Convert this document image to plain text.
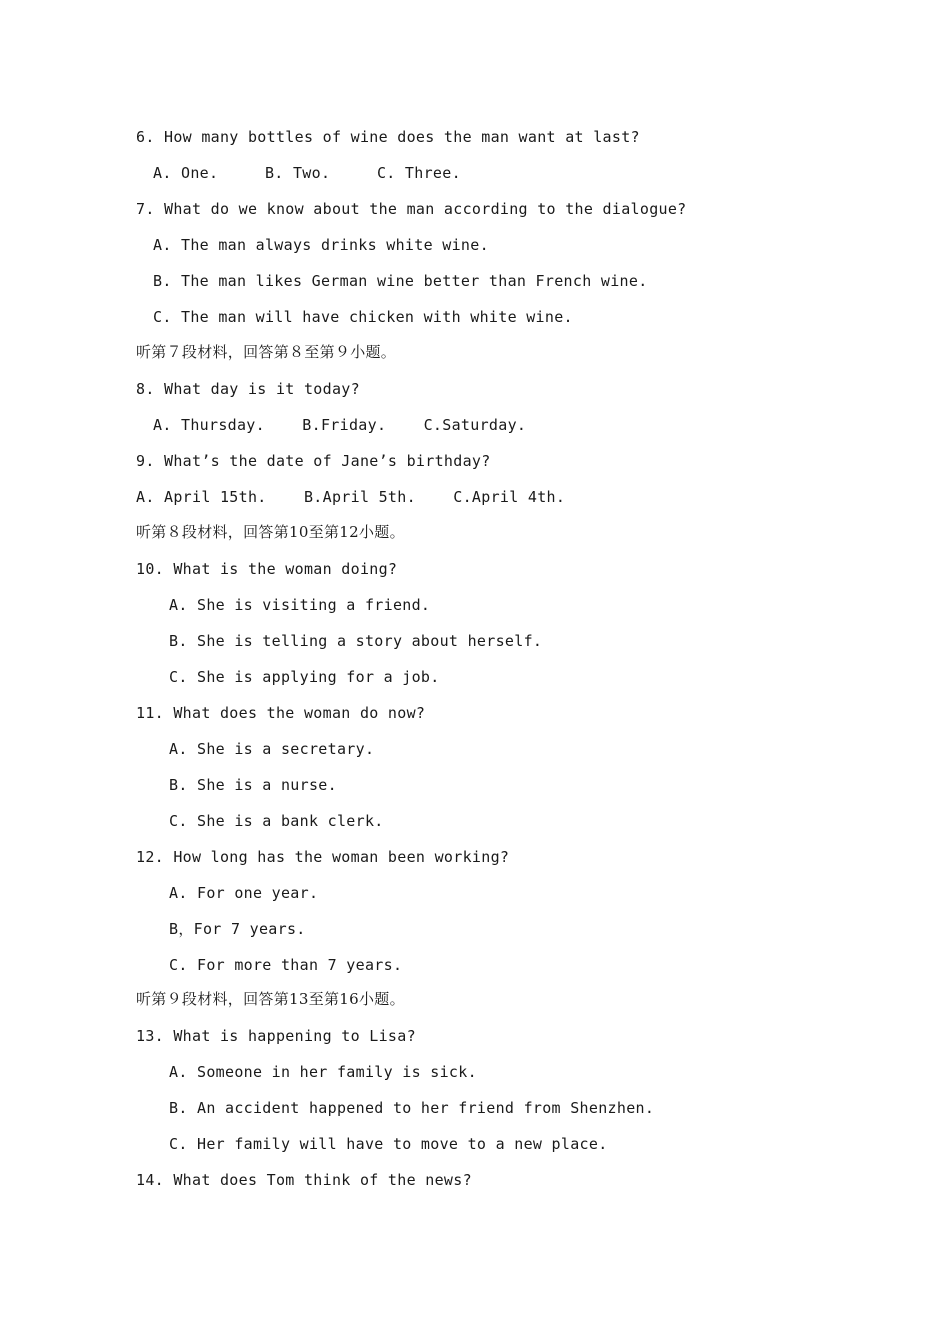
6. How many bottles of wine does the man want at last?
A. One.     B. Two.     C. Three.
7. What do we know about the man according to the dialogue?
A. The man always drinks white wine.
B. The man likes German wine better than French wine.
C. The man will have chicken with white wine.
听第７段材料，回答第８至第９小题。
8. What day is it today?
A. Thursday.    B.Friday.    C.Saturday.
9. What’s the date of Jane’s birthday?
A. April 15th.    B.April 5th.    C.April 4th.
听第８段材料，回答第10至第12小题。
10. What is the woman doing?
A. She is visiting a friend.
B. She is telling a story about herself.
C. She is applying for a job.
11. What does the woman do now?
A. She is a secretary.
B. She is a nurse.
C. She is a bank clerk.
12. How long has the woman been working?
A. For one year.
B，For 7 years.
C. For more than 7 years.
听第９段材料，回答第13至第16小题。
13. What is happening to Lisa?
A. Someone in her family is sick.
B. An accident happened to her friend from Shenzhen.
C. Her family will have to move to a new place.
14. What does Tom think of the news?
